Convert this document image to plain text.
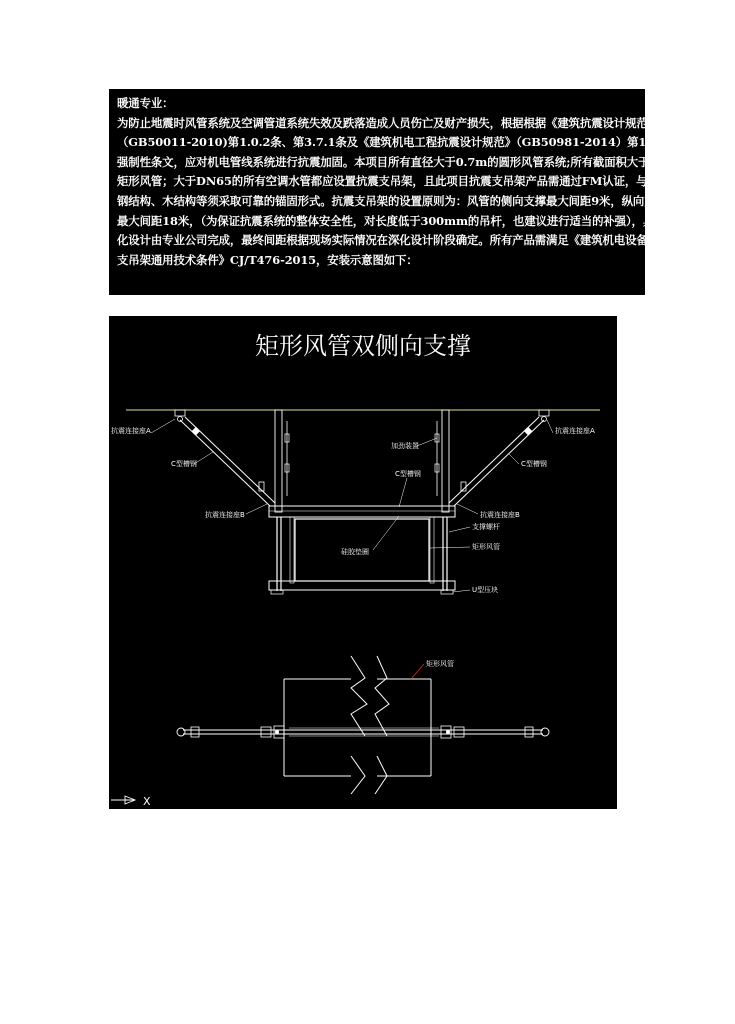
暖通专业：

为防止地震时风管系统及空调管道系统失效及跌落造成人员伤亡及财产损失，根据根据《建筑抗震设计规范》

（GB50011-2010)第1.0.2条、第3.7.1条及《建筑机电工程抗震设计规范》（GB50981-2014）第1.0.4及5.1.4条为

强制性条文，应对机电管线系统进行抗震加固。本项目所有直径大于0.7m的圆形风管系统;所有截面积大于0.38m2的

矩形风管；大于DN65的所有空调水管都应设置抗震支吊架，且此项目抗震支吊架产品需通过FM认证，与混凝土、

钢结构、木结构等须采取可靠的锚固形式。抗震支吊架的设置原则为：风管的侧向支撑最大间距9米，纵向支撑

最大间距18米，（为保证抗震系统的整体安全性，对长度低于300mm的吊杆，也建议进行适当的补强），具体深

化设计由专业公司完成，最终间距根据现场实际情况在深化设计阶段确定。所有产品需满足《建筑机电设备抗震

支吊架通用技术条件》CJ/T476-2015，安装示意图如下：

矩形风管双侧向支撑
抗震连接座A	抗震连接座A
C型槽钢	C型槽钢
加劲装置
C型槽钢
抗震连接座B	抗震连接座B
支撑螺杆
矩形风管
硅胶垫圈
U型压块
矩形风管
X
